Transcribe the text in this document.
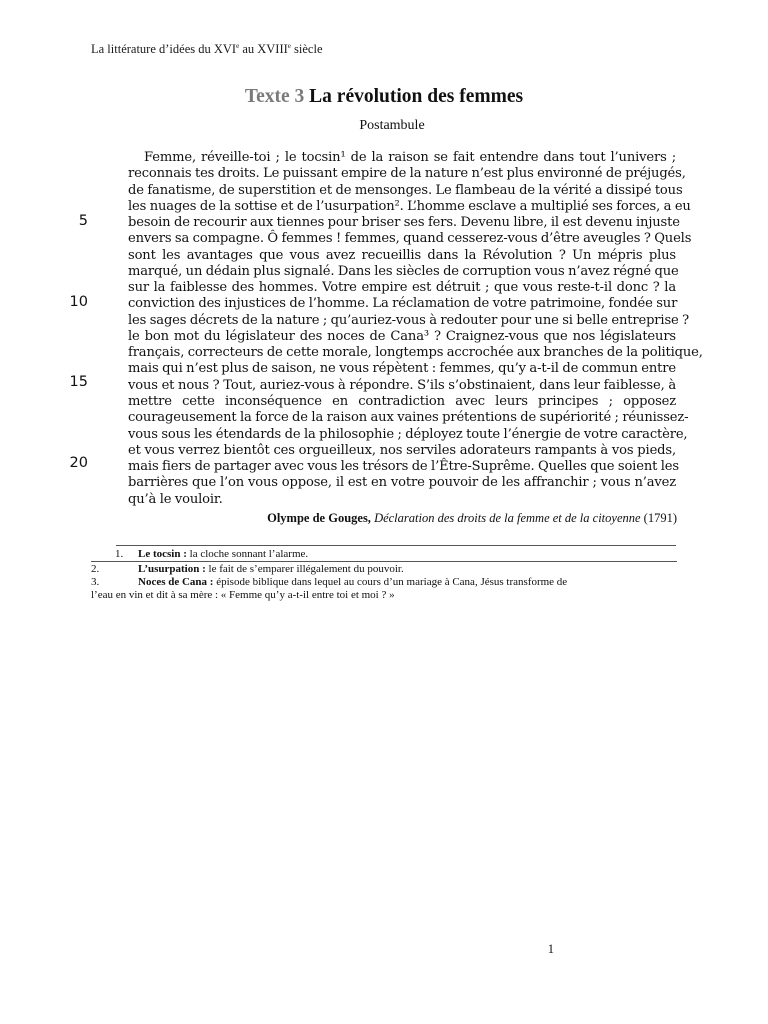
La littérature d’idées du XVIe au XVIIIe siècle
Texte 3 La révolution des femmes
Postambule
5
10
15
20
Femme, réveille-toi ; le tocsin¹ de la raison se fait entendre dans tout l’univers ;
reconnais tes droits. Le puissant empire de la nature n’est plus environné de préjugés,
de fanatisme, de superstition et de mensonges. Le flambeau de la vérité a dissipé tous
les nuages de la sottise et de l’usurpation². L’homme esclave a multiplié ses forces, a eu
besoin de recourir aux tiennes pour briser ses fers. Devenu libre, il est devenu injuste
envers sa compagne. Ô femmes ! femmes, quand cesserez-vous d’être aveugles ? Quels
sont les avantages que vous avez recueillis dans la Révolution ? Un mépris plus
marqué, un dédain plus signalé. Dans les siècles de corruption vous n’avez régné que
sur la faiblesse des hommes. Votre empire est détruit ; que vous reste-t-il donc ? la
conviction des injustices de l’homme. La réclamation de votre patrimoine, fondée sur
les sages décrets de la nature ; qu’auriez-vous à redouter pour une si belle entreprise ?
le bon mot du législateur des noces de Cana³ ? Craignez-vous que nos législateurs
français, correcteurs de cette morale, longtemps accrochée aux branches de la politique,
mais qui n’est plus de saison, ne vous répètent : femmes, qu’y a-t-il de commun entre
vous et nous ? Tout, auriez-vous à répondre. S’ils s’obstinaient, dans leur faiblesse, à
mettre cette inconséquence en contradiction avec leurs principes ; opposez
courageusement la force de la raison aux vaines prétentions de supériorité ; réunissez-
vous sous les étendards de la philosophie ; déployez toute l’énergie de votre caractère,
et vous verrez bientôt ces orgueilleux, nos serviles adorateurs rampants à vos pieds,
mais fiers de partager avec vous les trésors de l’Être-Suprême. Quelles que soient les
barrières que l’on vous oppose, il est en votre pouvoir de les affranchir ; vous n’avez
qu’à le vouloir.
Olympe de Gouges, Déclaration des droits de la femme et de la citoyenne (1791)
1. Le tocsin : la cloche sonnant l’alarme.
2.	L’usurpation : le fait de s’emparer illégalement du pouvoir.
3.	Noces de Cana : épisode biblique dans lequel au cours d’un mariage à Cana, Jésus transforme de
l’eau en vin et dit à sa mère : « Femme qu’y a-t-il entre toi et moi ? »
1
